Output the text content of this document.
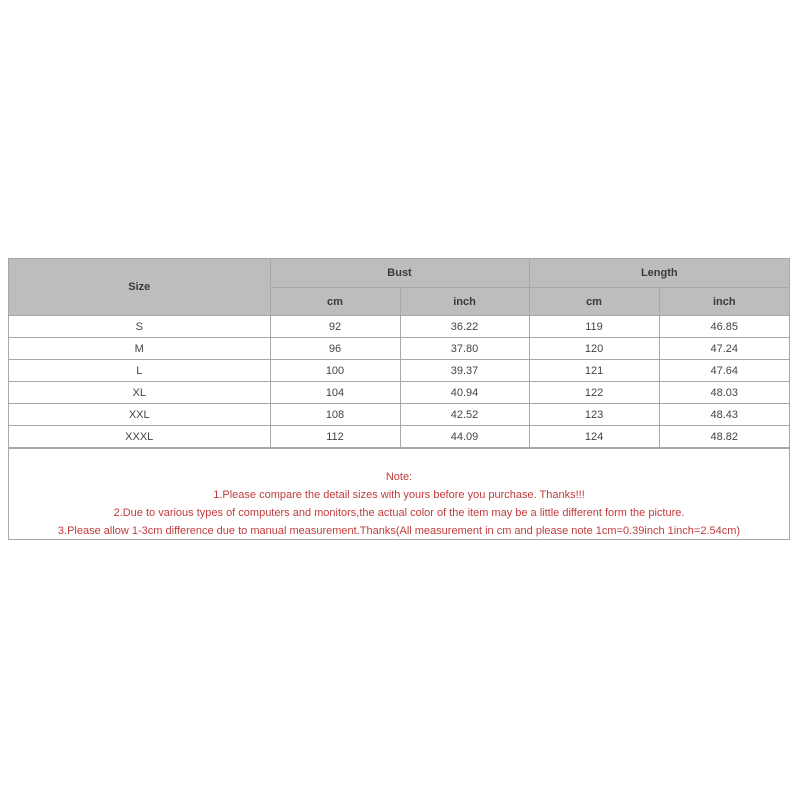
Size	Bust		Length	
	cm	inch	cm	inch
S	92	36.22	119	46.85
M	96	37.80	120	47.24
L	100	39.37	121	47.64
XL	104	40.94	122	48.03
XXL	108	42.52	123	48.43
XXXL	112	44.09	124	48.82
Note:
1.Please compare the detail sizes with yours before you purchase. Thanks!!!
2.Due to various types of computers and monitors,the actual color of the item may be a little different form the picture.
3.Please allow 1-3cm difference due to manual measurement.Thanks(All measurement in cm and please note 1cm=0.39inch 1inch=2.54cm)
